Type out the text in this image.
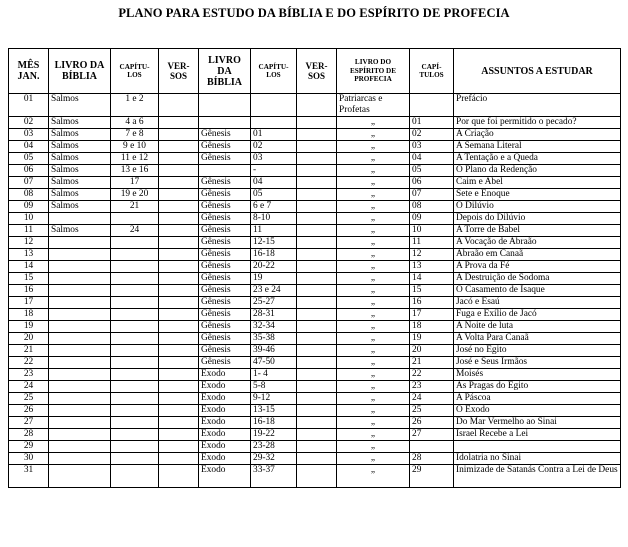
PLANO PARA ESTUDO DA BÍBLIA E DO ESPÍRITO DE PROFECIA
MÊS JAN.	LIVRO DA BÍBLIA	CAPÍTU-LOS	VER-SOS	LIVRO DA BÍBLIA	CAPÍTU-LOS	VER-SOS	LIVRO DO ESPÍRITO DE PROFECIA	CAPÍ-TULOS	ASSUNTOS A ESTUDAR
01	Salmos	1 e 2					Patriarcas e Profetas		Prefácio
02	Salmos	4 a 6					„	01	Por que foi permitido o pecado?
03	Salmos	7 e 8		Gênesis	01		„	02	A Criação
04	Salmos	9 e 10		Gênesis	02		„	03	A Semana Literal
05	Salmos	11 e 12		Gênesis	03		„	04	A Tentação e a Queda
06	Salmos	13 e 16			-		„	05	O Plano da Redenção
07	Salmos	17		Gênesis	04		„	06	Caim e Abel
08	Salmos	19 e 20		Gênesis	05		„	07	Sete e Enoque
09	Salmos	21		Gênesis	6 e 7		„	08	O Dilúvio
10				Gênesis	8-10		„	09	Depois do Dilúvio
11	Salmos	24		Gênesis	11		„	10	A Torre de Babel
12				Gênesis	12-15		„	11	A Vocação de Abraão
13				Gênesis	16-18		„	12	Abraão em Canaã
14				Gênesis	20-22		„	13	A Prova da Fé
15				Gênesis	19		„	14	A Destruição de Sodoma
16				Gênesis	23 e 24		„	15	O Casamento de Isaque
17				Gênesis	25-27		„	16	Jacó e Esaú
18				Gênesis	28-31		„	17	Fuga e Exílio de Jacó
19				Gênesis	32-34		„	18	A Noite de luta
20				Gênesis	35-38		„	19	A Volta Para Canaã
21				Gênesis	39-46		„	20	José no Egito
22				Gênesis	47-50		„	21	José e Seus Irmãos
23				Êxodo	1- 4		„	22	Moisés
24				Êxodo	5-8		„	23	As Pragas do Egito
25				Êxodo	9-12		„	24	A Páscoa
26				Êxodo	13-15		„	25	O Êxodo
27				Êxodo	16-18		„	26	Do Mar Vermelho ao Sinai
28				Êxodo	19-22		„	27	Israel Recebe a Lei
29				Êxodo	23-28		„		
30				Êxodo	29-32		„	28	Idolatria no Sinai
31				Êxodo	33-37		„	29	Inimizade de Satanás Contra a Lei de Deus
